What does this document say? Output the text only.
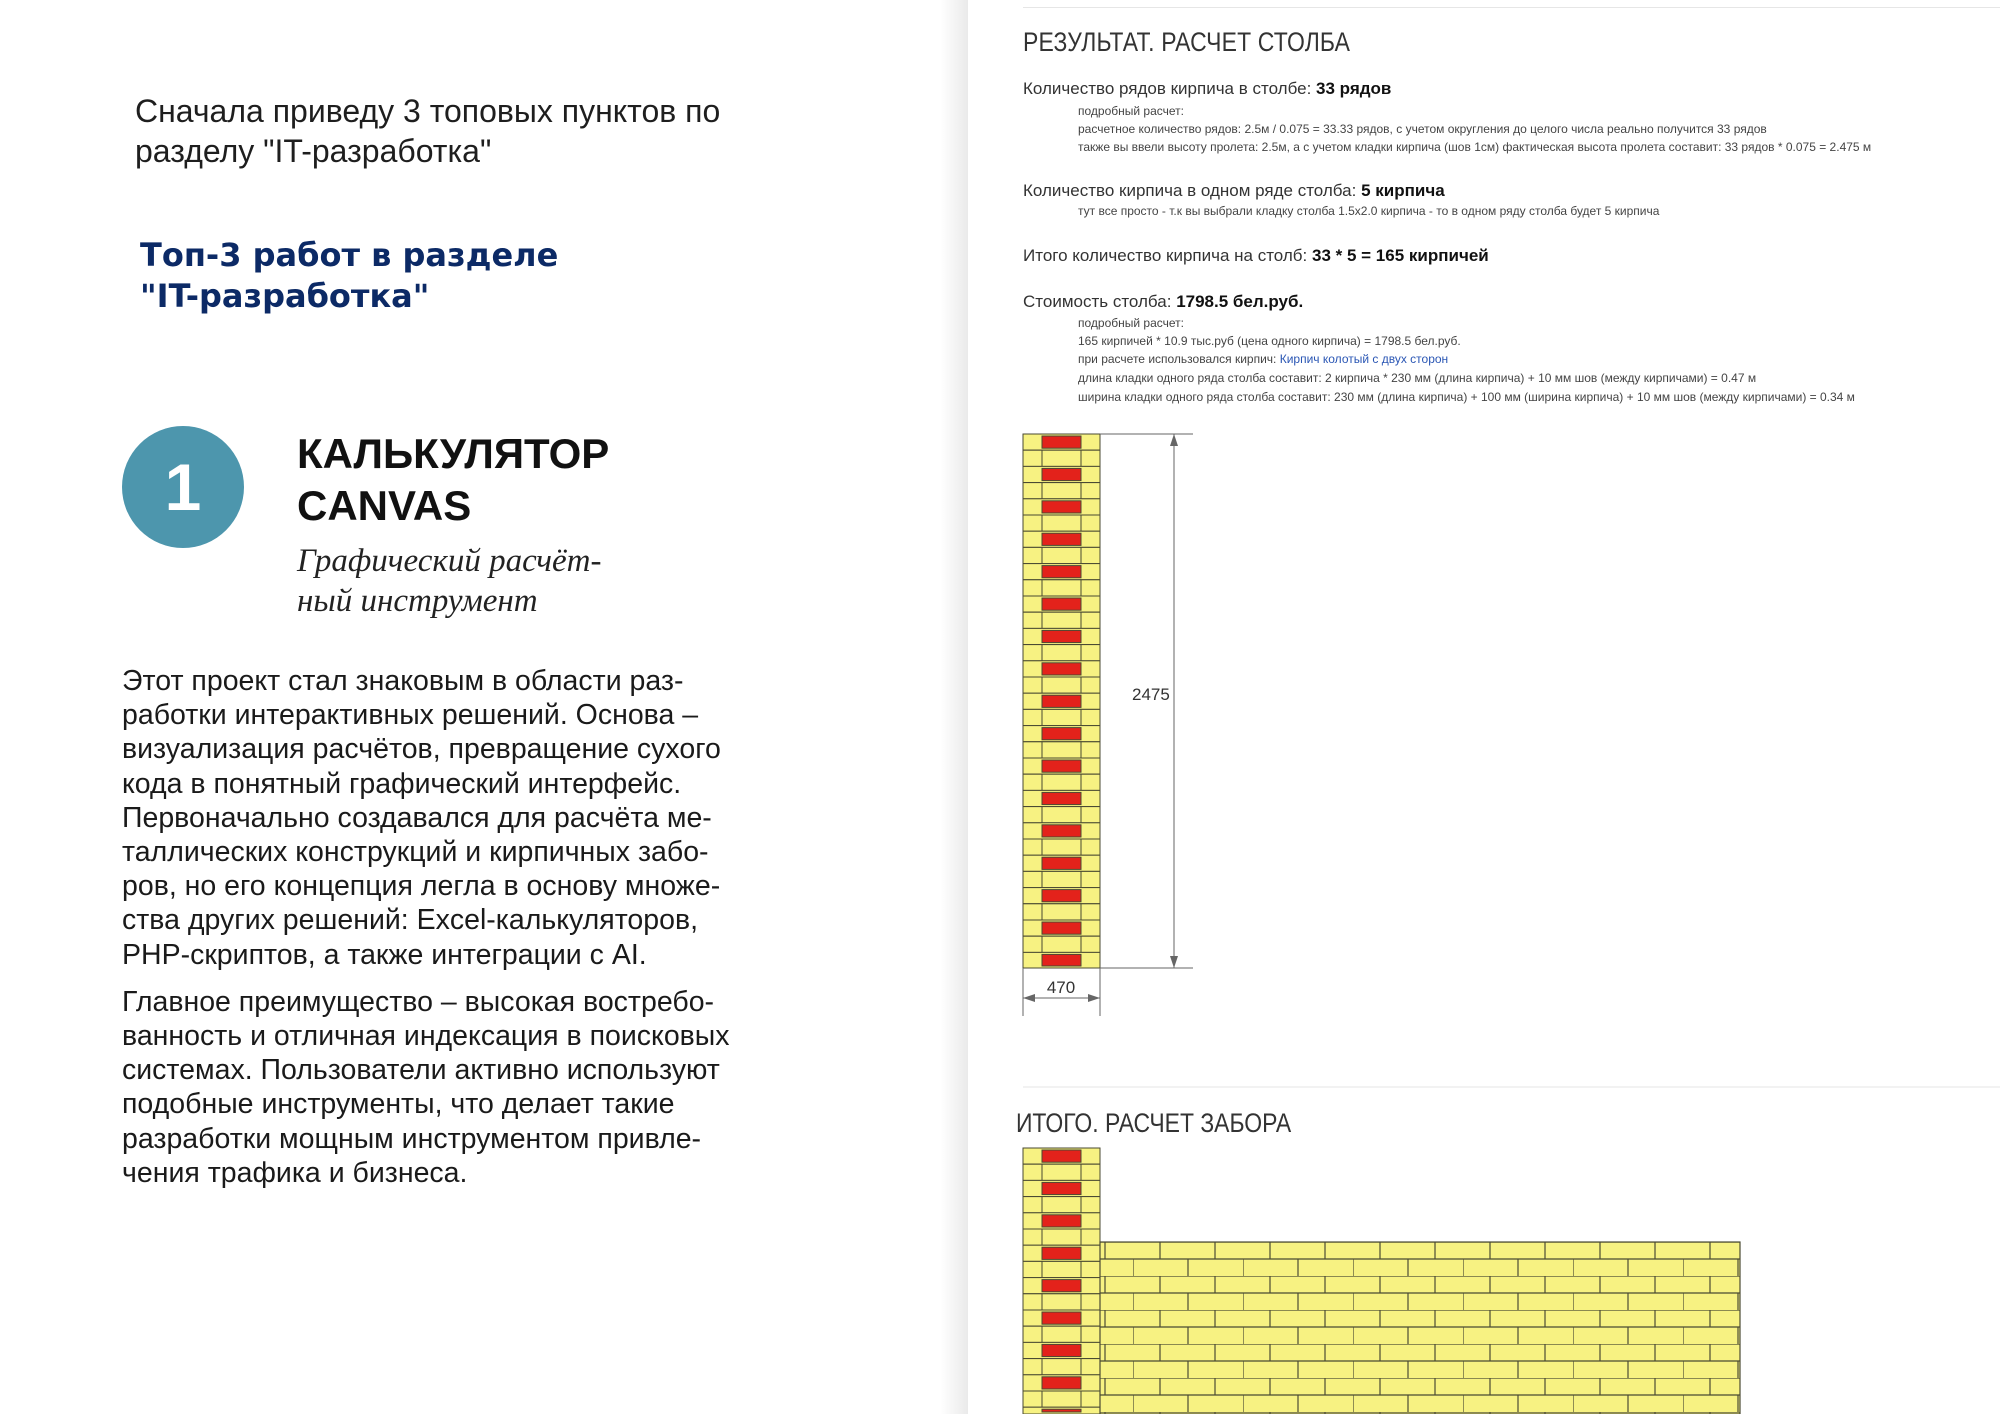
Сначала приведу 3 топовых пунктов по разделу "IT-разработка"
Топ-3 работ в разделе
"IT-разработка"
1	КАЛЬКУЛЯТОР
CANVAS
Графический расчёт-
ный инструмент

Этот проект стал знаковым в области раз-
работки интерактивных решений. Основа –
визуализация расчётов, превращение сухого
кода в понятный графический интерфейс.
Первоначально создавался для расчёта ме-
таллических конструкций и кирпичных забо-
ров, но его концепция легла в основу множе-
ства других решений: Excel-калькуляторов,
PHP-скриптов, а также интеграции с AI.

Главное преимущество – высокая востребо-
ванность и отличная индексация в поисковых
системах. Пользователи активно используют
подобные инструменты, что делает такие
разработки мощным инструментом привле-
чения трафика и бизнеса.

РЕЗУЛЬТАТ. РАСЧЕТ СТОЛБА
Количество рядов кирпича в столбе: 33 рядов
подробный расчет:
расчетное количество рядов: 2.5м / 0.075 = 33.33 рядов, с учетом округления до целого числа реально получится 33 рядов
также вы ввели высоту пролета: 2.5м, а с учетом кладки кирпича (шов 1см) фактическая высота пролета составит: 33 рядов * 0.075 = 2.475 м
Количество кирпича в одном ряде столба: 5 кирпича
тут все просто - т.к вы выбрали кладку столба 1.5x2.0 кирпича - то в одном ряду столба будет 5 кирпича
Итого количество кирпича на столб: 33 * 5 = 165 кирпичей
Стоимость столба: 1798.5 бел.руб.
подробный расчет:
165 кирпичей * 10.9 тыс.руб (цена одного кирпича) = 1798.5 бел.руб.
при расчете использовался кирпич: Кирпич колотый с двух сторон
длина кладки одного ряда столба составит: 2 кирпича * 230 мм (длина кирпича) + 10 мм шов (между кирпичами) = 0.47 м
ширина кладки одного ряда столба составит: 230 мм (длина кирпича) + 100 мм (ширина кирпича) + 10 мм шов (между кирпичами) = 0.34 м
2475
470
ИТОГО. РАСЧЕТ ЗАБОРА
